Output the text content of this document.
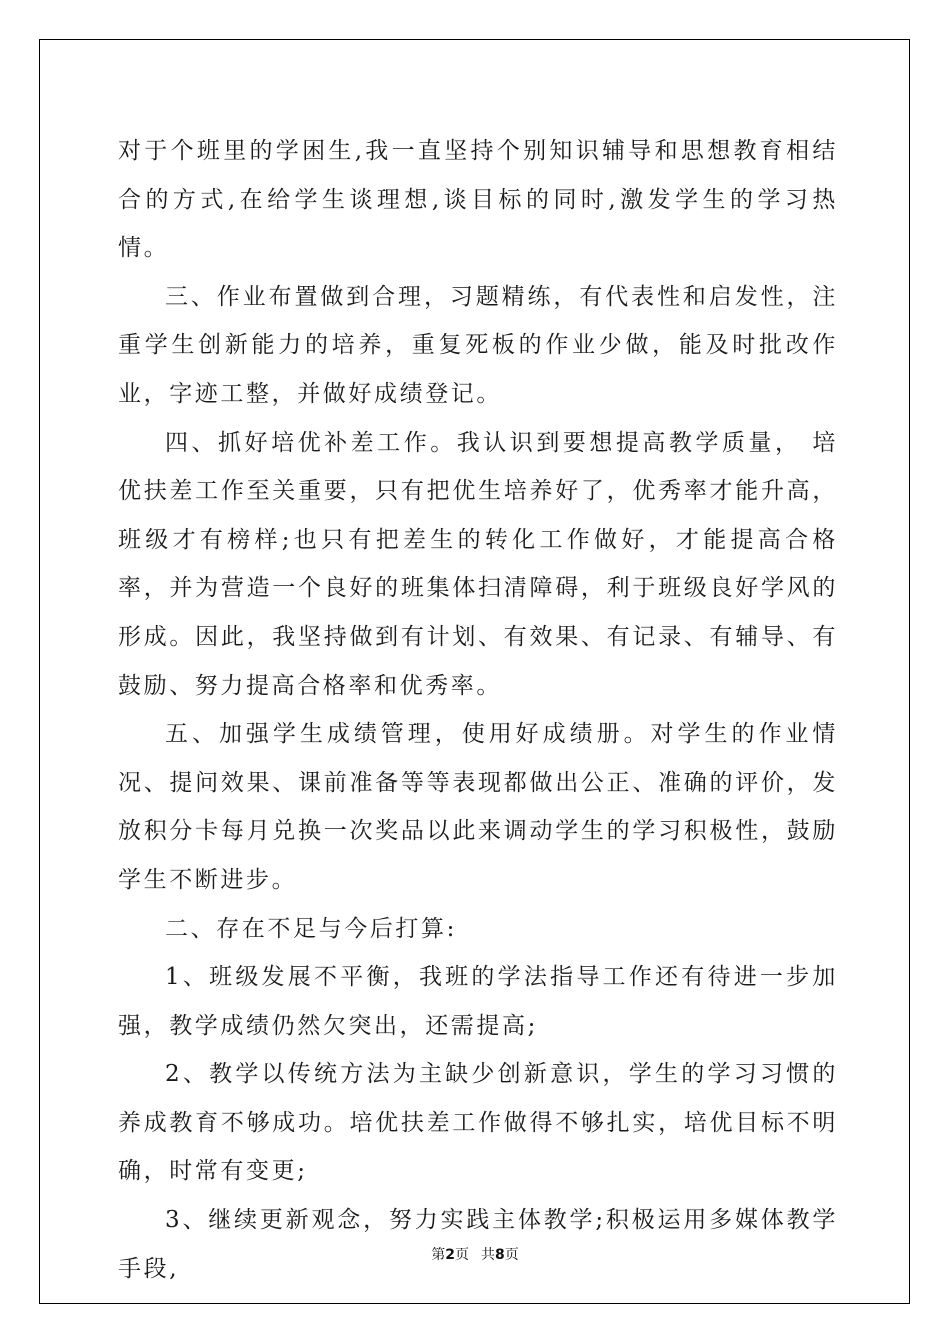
对于个班里的学困生,我一直坚持个别知识辅导和思想教育相结合的方式,在给学生谈理想,谈目标的同时,激发学生的学习热情。

三、作业布置做到合理，习题精练，有代表性和启发性，注重学生创新能力的培养，重复死板的作业少做，能及时批改作业，字迹工整，并做好成绩登记。

四、抓好培优补差工作。我认识到要想提高教学质量， 培优扶差工作至关重要，只有把优生培养好了，优秀率才能升高，班级才有榜样;也只有把差生的转化工作做好，才能提高合格率，并为营造一个良好的班集体扫清障碍，利于班级良好学风的形成。因此，我坚持做到有计划、有效果、有记录、有辅导、有鼓励、努力提高合格率和优秀率。

五、加强学生成绩管理，使用好成绩册。对学生的作业情况、提问效果、课前准备等等表现都做出公正、准确的评价，发放积分卡每月兑换一次奖品以此来调动学生的学习积极性，鼓励学生不断进步。

二、存在不足与今后打算:

1、班级发展不平衡，我班的学法指导工作还有待进一步加强，教学成绩仍然欠突出，还需提高;

2、教学以传统方法为主缺少创新意识，学生的学习习惯的养成教育不够成功。培优扶差工作做得不够扎实，培优目标不明确，时常有变更;

3、继续更新观念，努力实践主体教学;积极运用多媒体教学手段,

第2页 共8页
